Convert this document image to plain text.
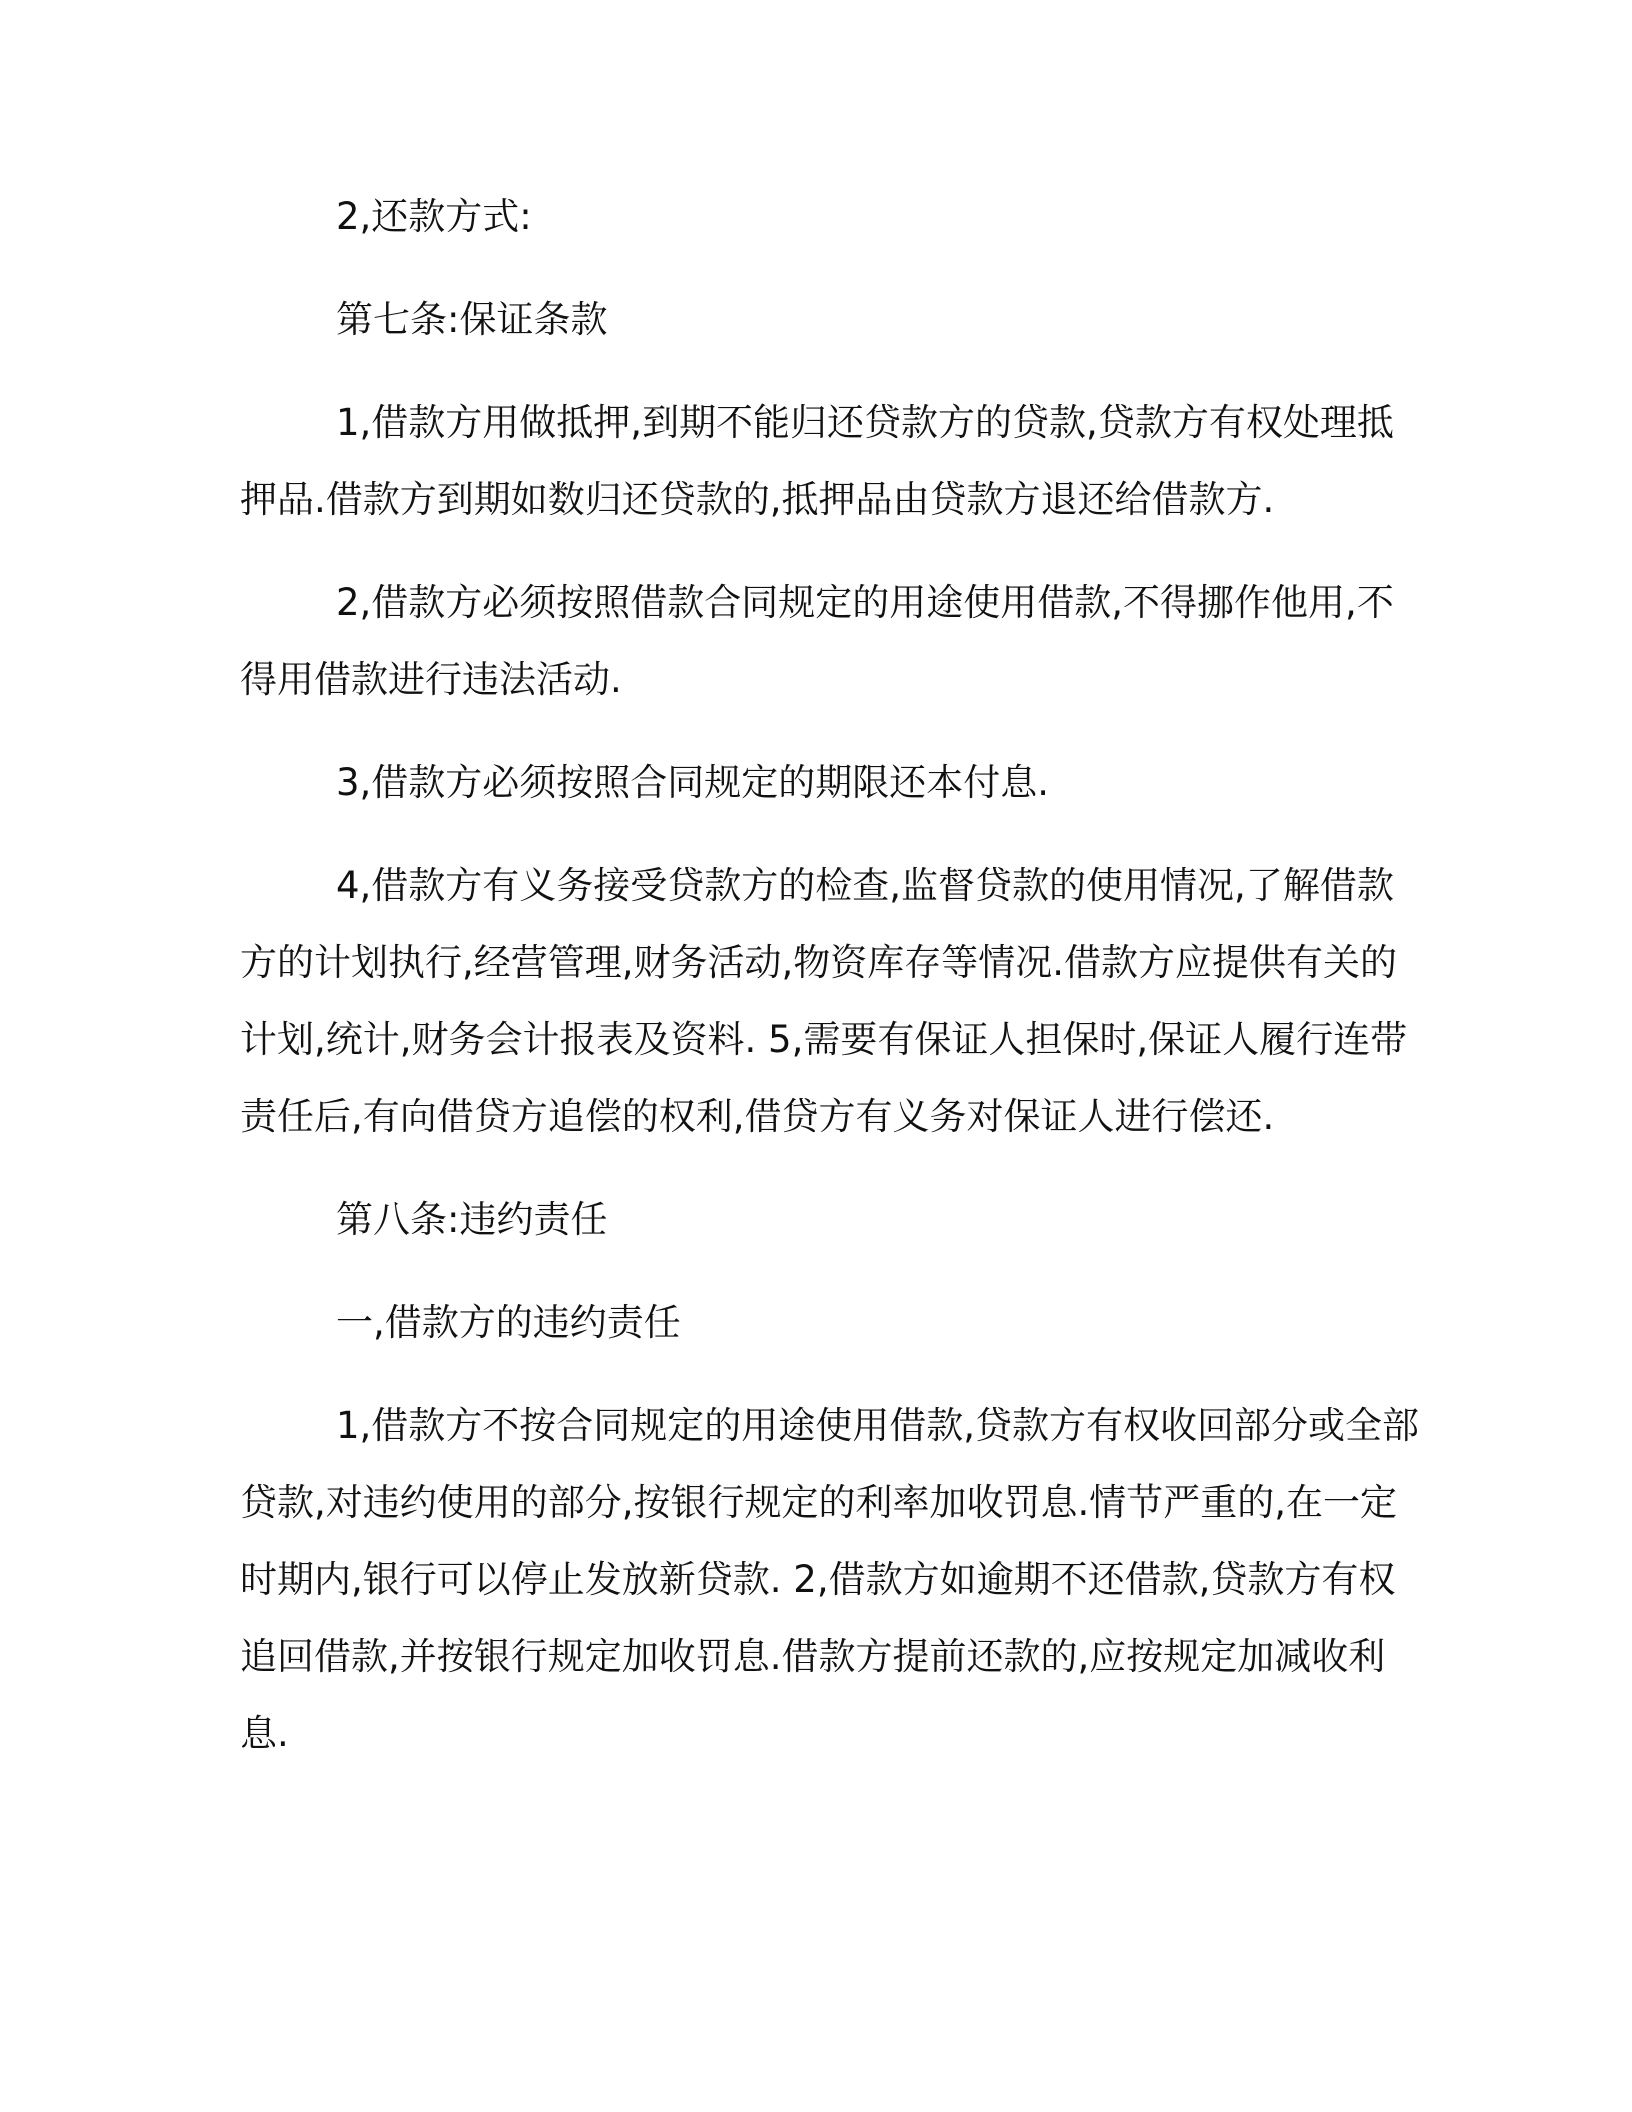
2,还款方式:

第七条:保证条款

1,借款方用做抵押,到期不能归还贷款方的贷款,贷款方有权处理抵押品.借款方到期如数归还贷款的,抵押品由贷款方退还给借款方.

2,借款方必须按照借款合同规定的用途使用借款,不得挪作他用,不得用借款进行违法活动.

3,借款方必须按照合同规定的期限还本付息.

4,借款方有义务接受贷款方的检查,监督贷款的使用情况,了解借款方的计划执行,经营管理,财务活动,物资库存等情况.借款方应提供有关的计划,统计,财务会计报表及资料. 5,需要有保证人担保时,保证人履行连带责任后,有向借贷方追偿的权利,借贷方有义务对保证人进行偿还.

第八条:违约责任

一,借款方的违约责任

1,借款方不按合同规定的用途使用借款,贷款方有权收回部分或全部贷款,对违约使用的部分,按银行规定的利率加收罚息.情节严重的,在一定时期内,银行可以停止发放新贷款. 2,借款方如逾期不还借款,贷款方有权追回借款,并按银行规定加收罚息.借款方提前还款的,应按规定加减收利息.
